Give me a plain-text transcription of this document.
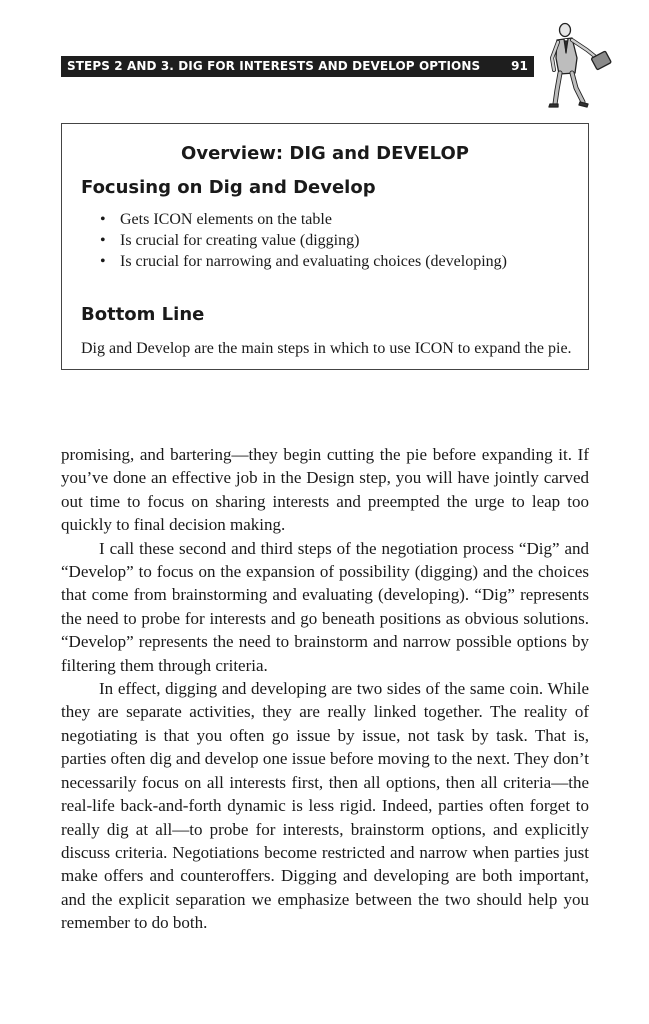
STEPS 2 AND 3. DIG FOR INTERESTS AND DEVELOP OPTIONS	91
Overview: DIG and DEVELOP
Focusing on Dig and Develop
• Gets ICON elements on the table
• Is crucial for creating value (digging)
• Is crucial for narrowing and evaluating choices (developing)
Bottom Line
Dig and Develop are the main steps in which to use ICON to expand the pie.

promising, and bartering—they begin cutting the pie before expanding it. If you’ve done an effective job in the Design step, you will have jointly carved out time to focus on sharing interests and preempted the urge to leap too quickly to final decision making.

I call these second and third steps of the negotiation process “Dig” and “Develop” to focus on the expansion of possibility (digging) and the choices that come from brainstorming and evaluating (developing). “Dig” represents the need to probe for interests and go beneath positions as obvious solutions. “Develop” represents the need to brainstorm and narrow possible options by filtering them through criteria.

In effect, digging and developing are two sides of the same coin. While they are separate activities, they are really linked together. The reality of negotiating is that you often go issue by issue, not task by task. That is, parties often dig and develop one issue before moving to the next. They don’t necessarily focus on all interests first, then all options, then all criteria—the real-life back-and-forth dynamic is less rigid. Indeed, parties often forget to really dig at all—to probe for interests, brainstorm options, and explicitly discuss criteria. Negotiations become restricted and narrow when parties just make offers and counteroffers. Digging and developing are both important, and the explicit separation we emphasize between the two should help you remember to do both.
